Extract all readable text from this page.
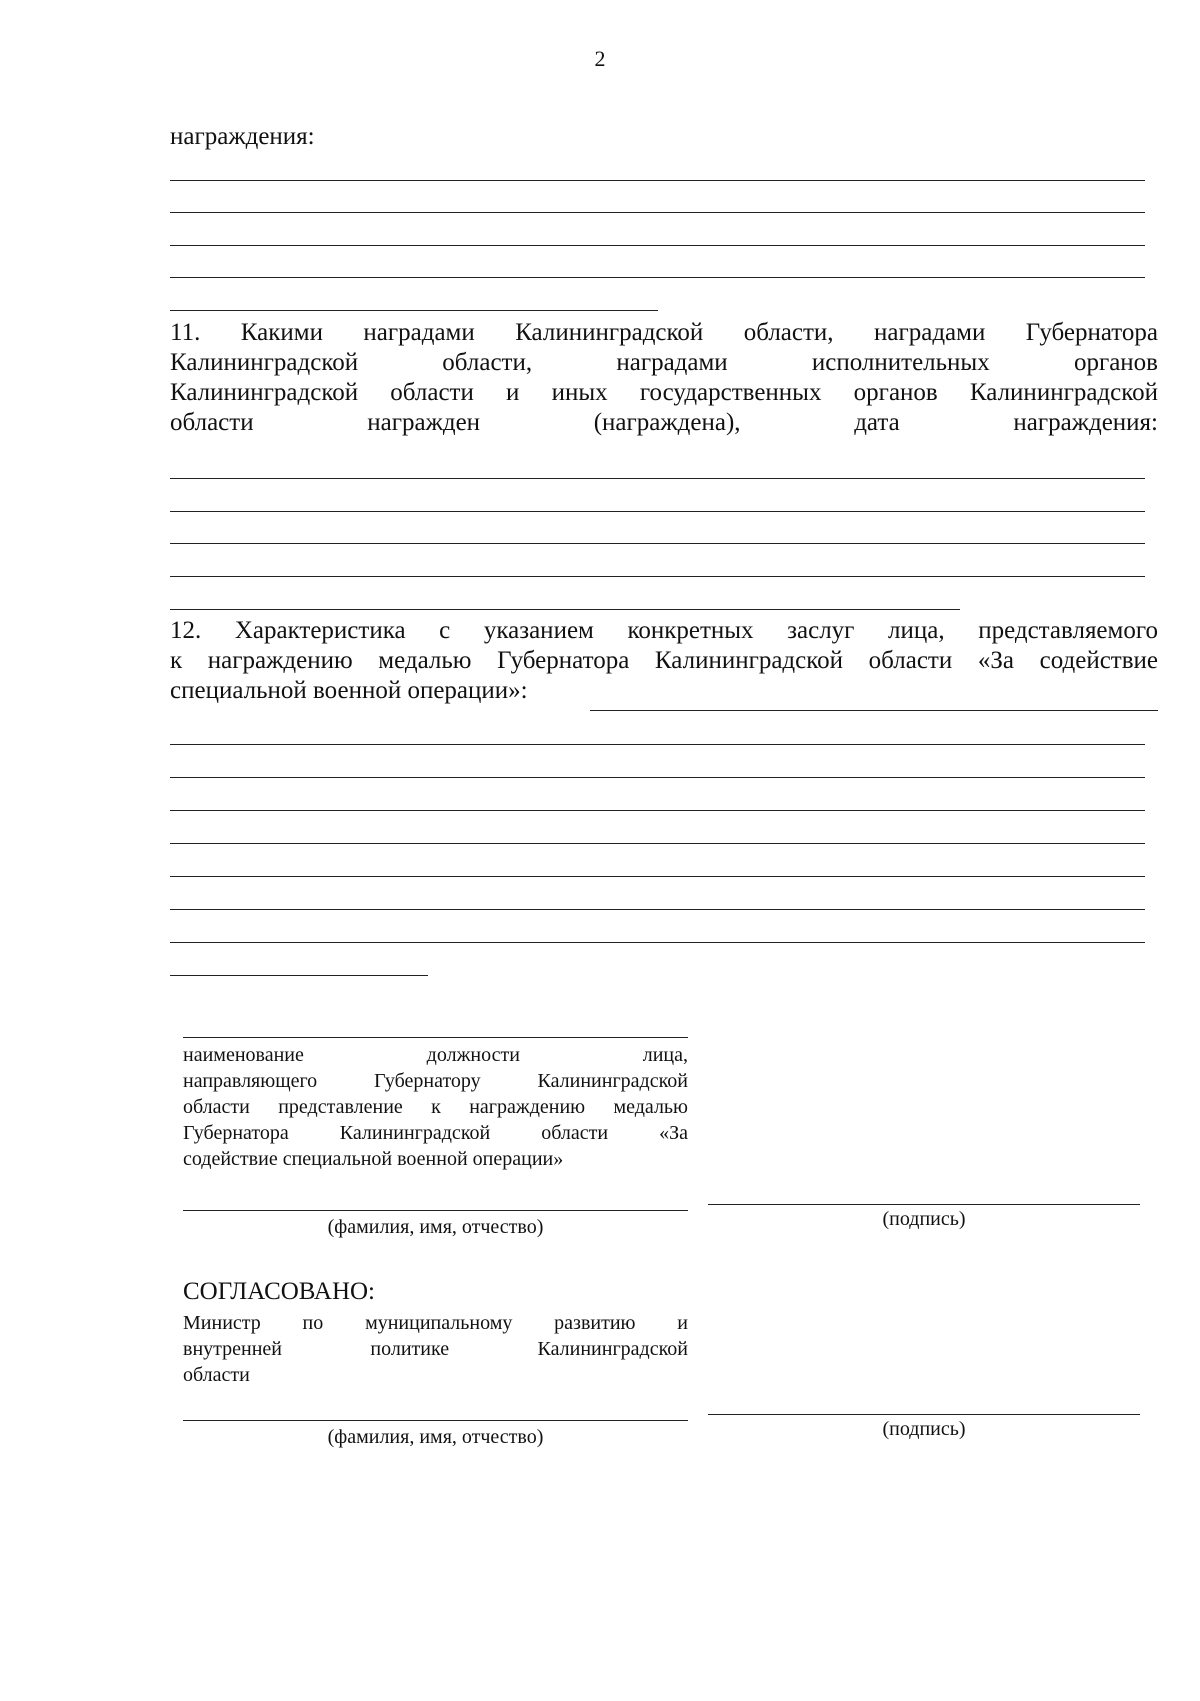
2
награждения:

11. Какими наградами Калининградской области, наградами Губернатора

Калининградской области, наградами исполнительных органов

Калининградской области и иных государственных органов Калининградской

области награжден (награждена), дата награждения:

12. Характеристика с указанием конкретных заслуг лица, представляемого

к награждению медалью Губернатора Калининградской области «За содействие

специальной военной операции»:

наименование должности лица,
направляющего Губернатору Калининградской
области представление к награждению медалью
Губернатора Калининградской области «За
содействие специальной военной операции»
(фамилия, имя, отчество)	(подпись)
СОГЛАСОВАНО:
Министр по муниципальному развитию и
внутренней политике Калининградской
области
(фамилия, имя, отчество)	(подпись)
